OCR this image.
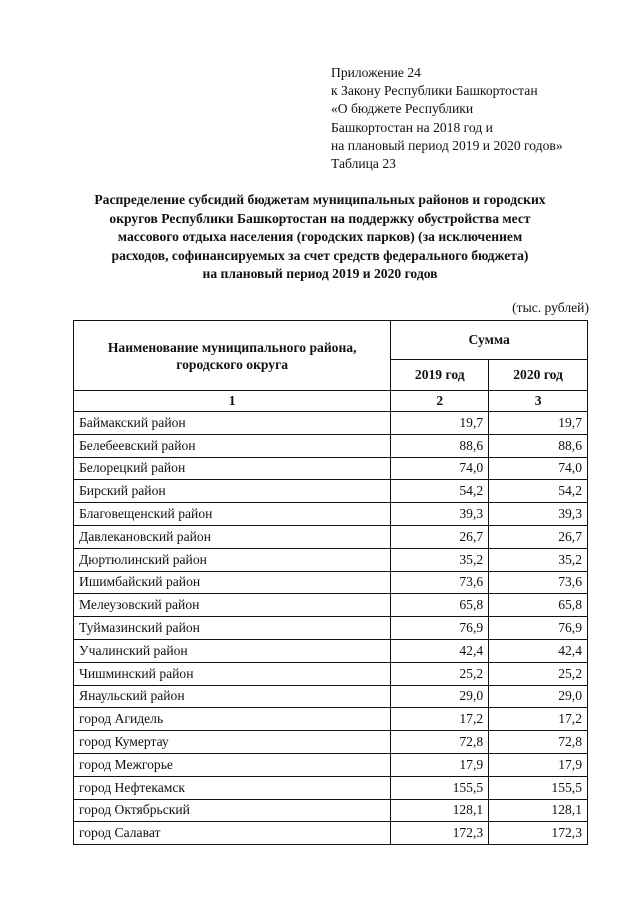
Приложение 24
к Закону Республики Башкортостан
«О бюджете Республики
Башкортостан на 2018 год и
на плановый период 2019 и 2020 годов»
Таблица 23
Распределение субсидий бюджетам муниципальных районов и городских
округов Республики Башкортостан на поддержку обустройства мест
массового отдыха населения (городских парков) (за исключением
расходов, софинансируемых за счет средств федерального бюджета)
на плановый период 2019 и 2020 годов
(тыс. рублей)
Наименование муниципального района, городского округа	Сумма	
	2019 год	2020 год
1	2	3
Баймакский район	19,7	19,7
Белебеевский район	88,6	88,6
Белорецкий район	74,0	74,0
Бирский район	54,2	54,2
Благовещенский район	39,3	39,3
Давлекановский район	26,7	26,7
Дюртюлинский район	35,2	35,2
Ишимбайский район	73,6	73,6
Мелеузовский район	65,8	65,8
Туймазинский район	76,9	76,9
Учалинский район	42,4	42,4
Чишминский район	25,2	25,2
Янаульский район	29,0	29,0
город Агидель	17,2	17,2
город Кумертау	72,8	72,8
город Межгорье	17,9	17,9
город Нефтекамск	155,5	155,5
город Октябрьский	128,1	128,1
город Салават	172,3	172,3
